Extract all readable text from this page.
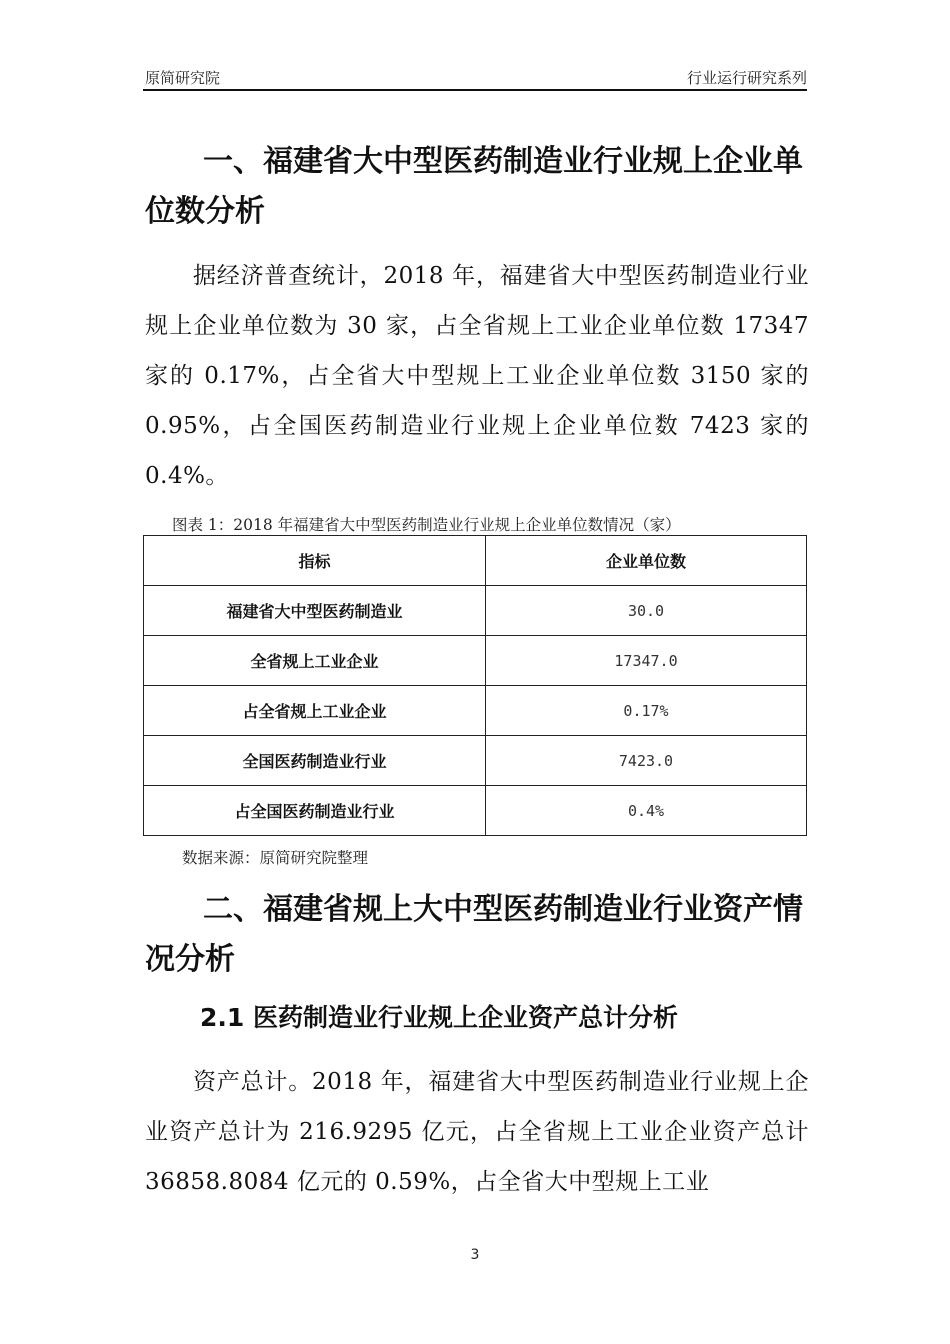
原简研究院	行业运行研究系列
一、福建省大中型医药制造业行业规上企业单位数分析
据经济普查统计，2018 年，福建省大中型医药制造业行业规上企业单位数为 30 家，占全省规上工业企业单位数 17347 家的 0.17%，占全省大中型规上工业企业单位数 3150 家的 0.95%，占全国医药制造业行业规上企业单位数 7423 家的 0.4%。
图表 1：2018 年福建省大中型医药制造业行业规上企业单位数情况（家）
指标	企业单位数
福建省大中型医药制造业	30.0
全省规上工业企业	17347.0
占全省规上工业企业	0.17%
全国医药制造业行业	7423.0
占全国医药制造业行业	0.4%
数据来源：原简研究院整理
二、福建省规上大中型医药制造业行业资产情况分析
2.1 医药制造业行业规上企业资产总计分析
资产总计。2018 年，福建省大中型医药制造业行业规上企业资产总计为 216.9295 亿元，占全省规上工业企业资产总计 36858.8084 亿元的 0.59%，占全省大中型规上工业
3
